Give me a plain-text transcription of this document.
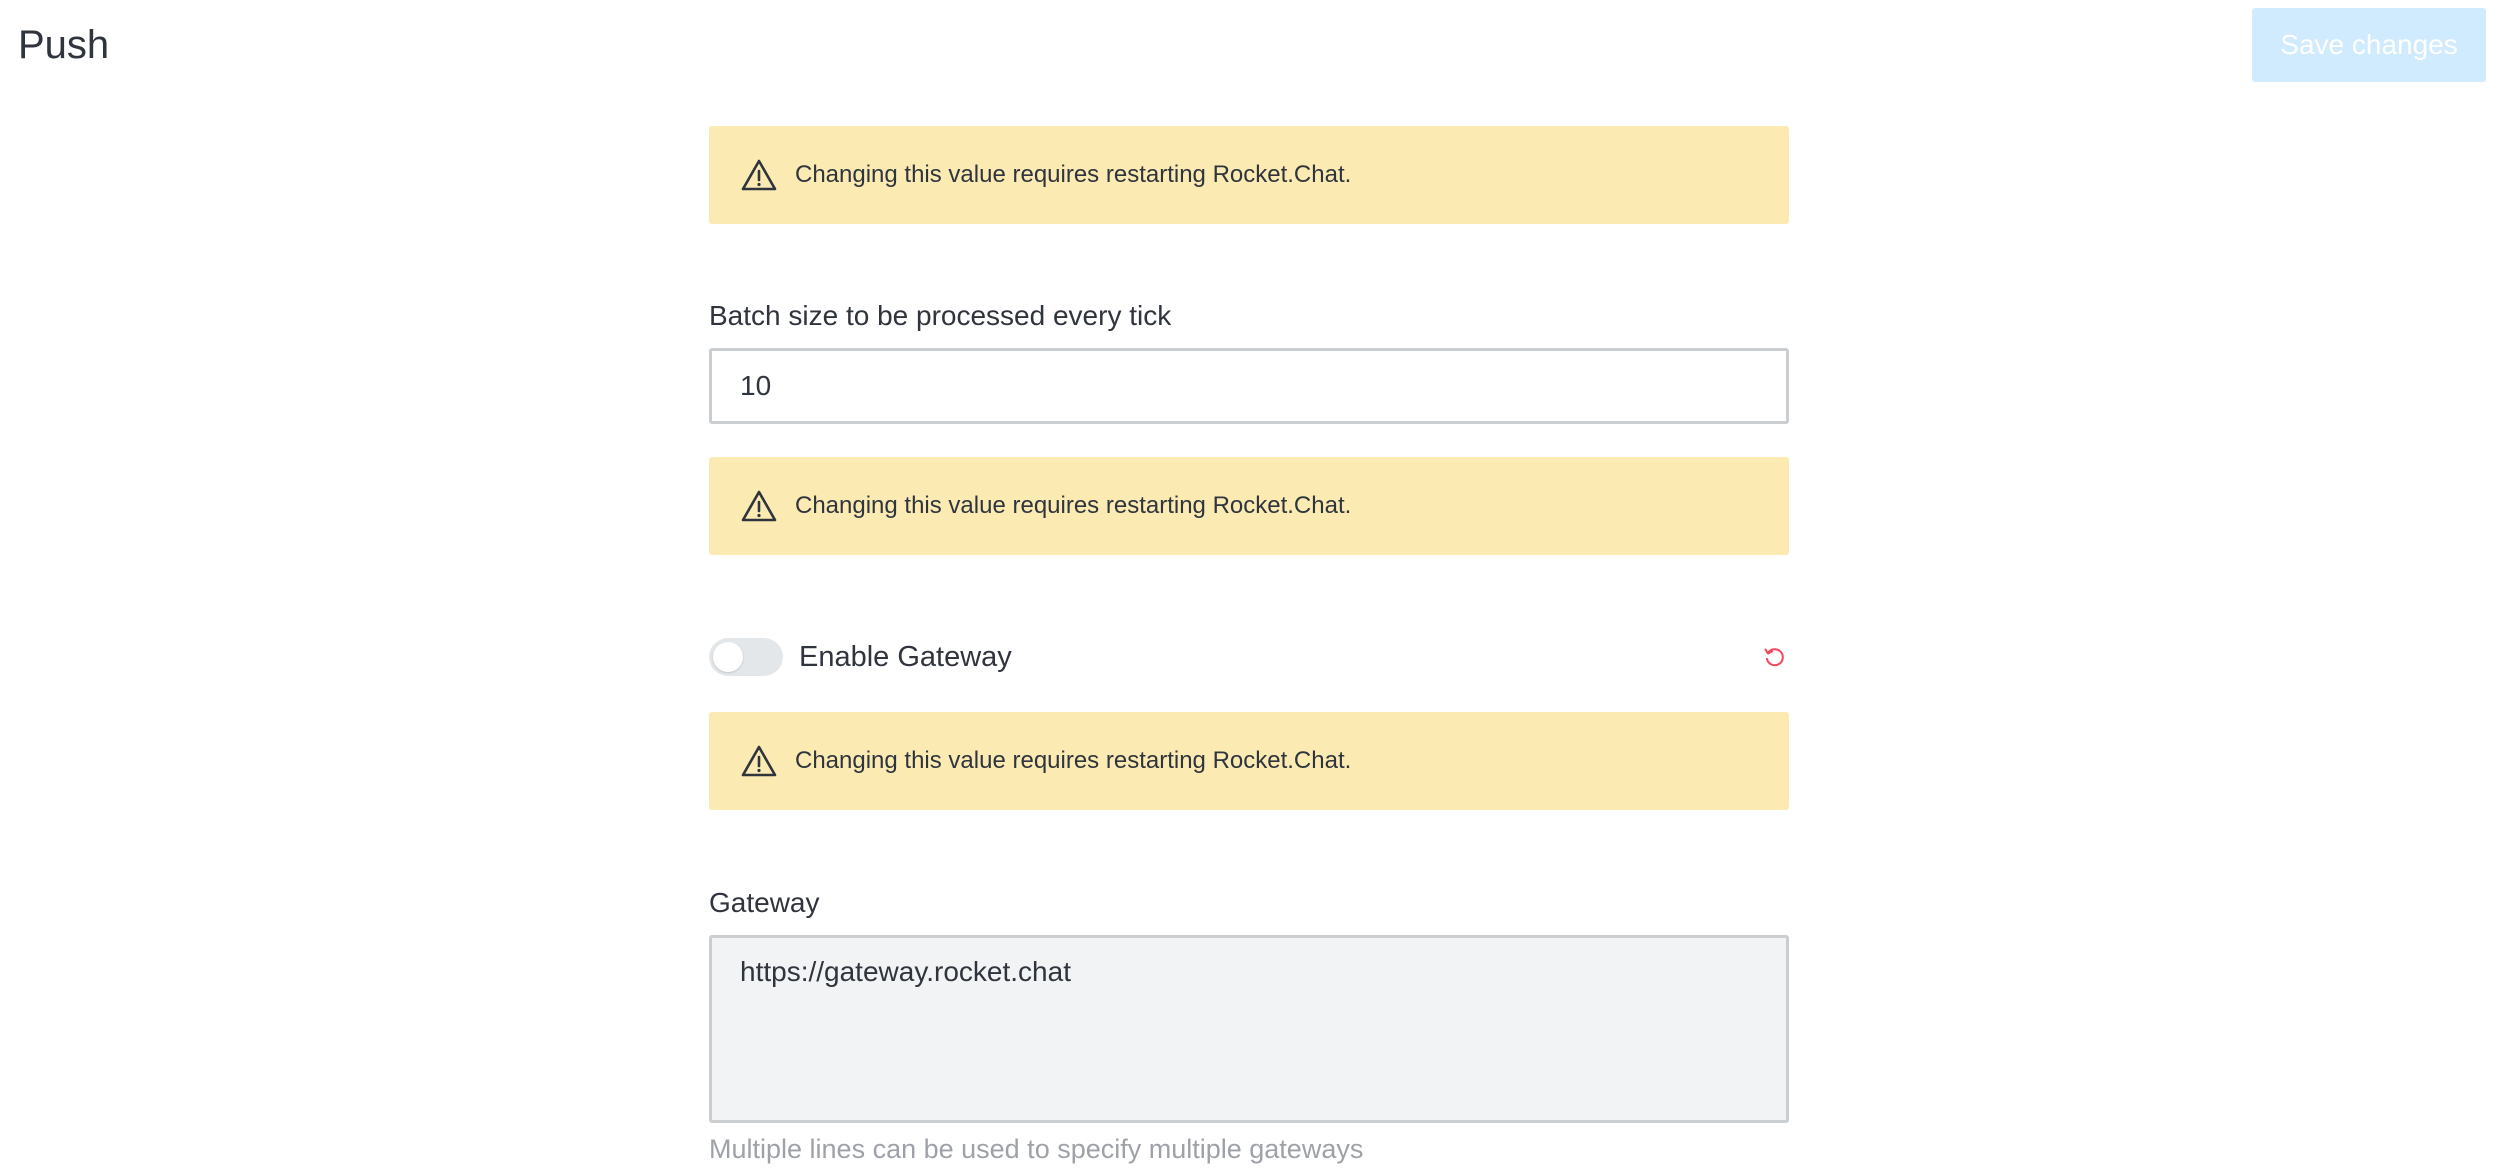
Push	Save changes
Changing this value requires restarting Rocket.Chat.
Batch size to be processed every tick
10
Changing this value requires restarting Rocket.Chat.
Enable Gateway
Changing this value requires restarting Rocket.Chat.
Gateway
https://gateway.rocket.chat
Multiple lines can be used to specify multiple gateways
